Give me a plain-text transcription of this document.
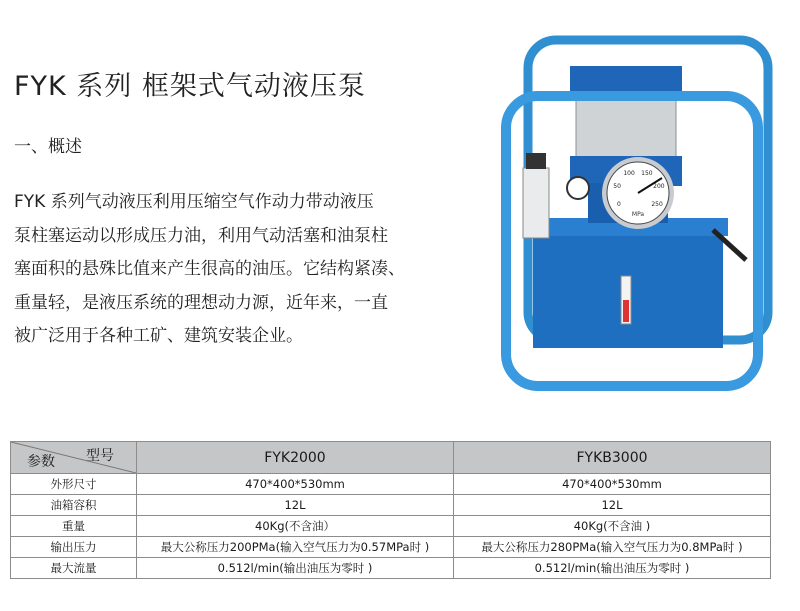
FYK 系列 框架式气动液压泵
一、概述
FYK 系列气动液压利用压缩空气作动力带动液压
泵柱塞运动以形成压力油，利用气动活塞和油泵柱
塞面积的悬殊比值来产生很高的油压。它结构紧凑、
重量轻，是液压系统的理想动力源，近年来，一直
被广泛用于各种工矿、建筑安装企业。
MPa
0
50
100 150
200
250
型号
参数	FYK2000	FYKB3000
外形尺寸	470*400*530mm	470*400*530mm
油箱容积	12L	12L
重量	40Kg(不含油）	40Kg(不含油 )
输出压力	最大公称压力200PMa(输入空气压力为0.57MPa时 )	最大公称压力280PMa(输入空气压力为0.8MPa时 )
最大流量	0.512l/min(输出油压为零时 )	0.512l/min(输出油压为零时 )
